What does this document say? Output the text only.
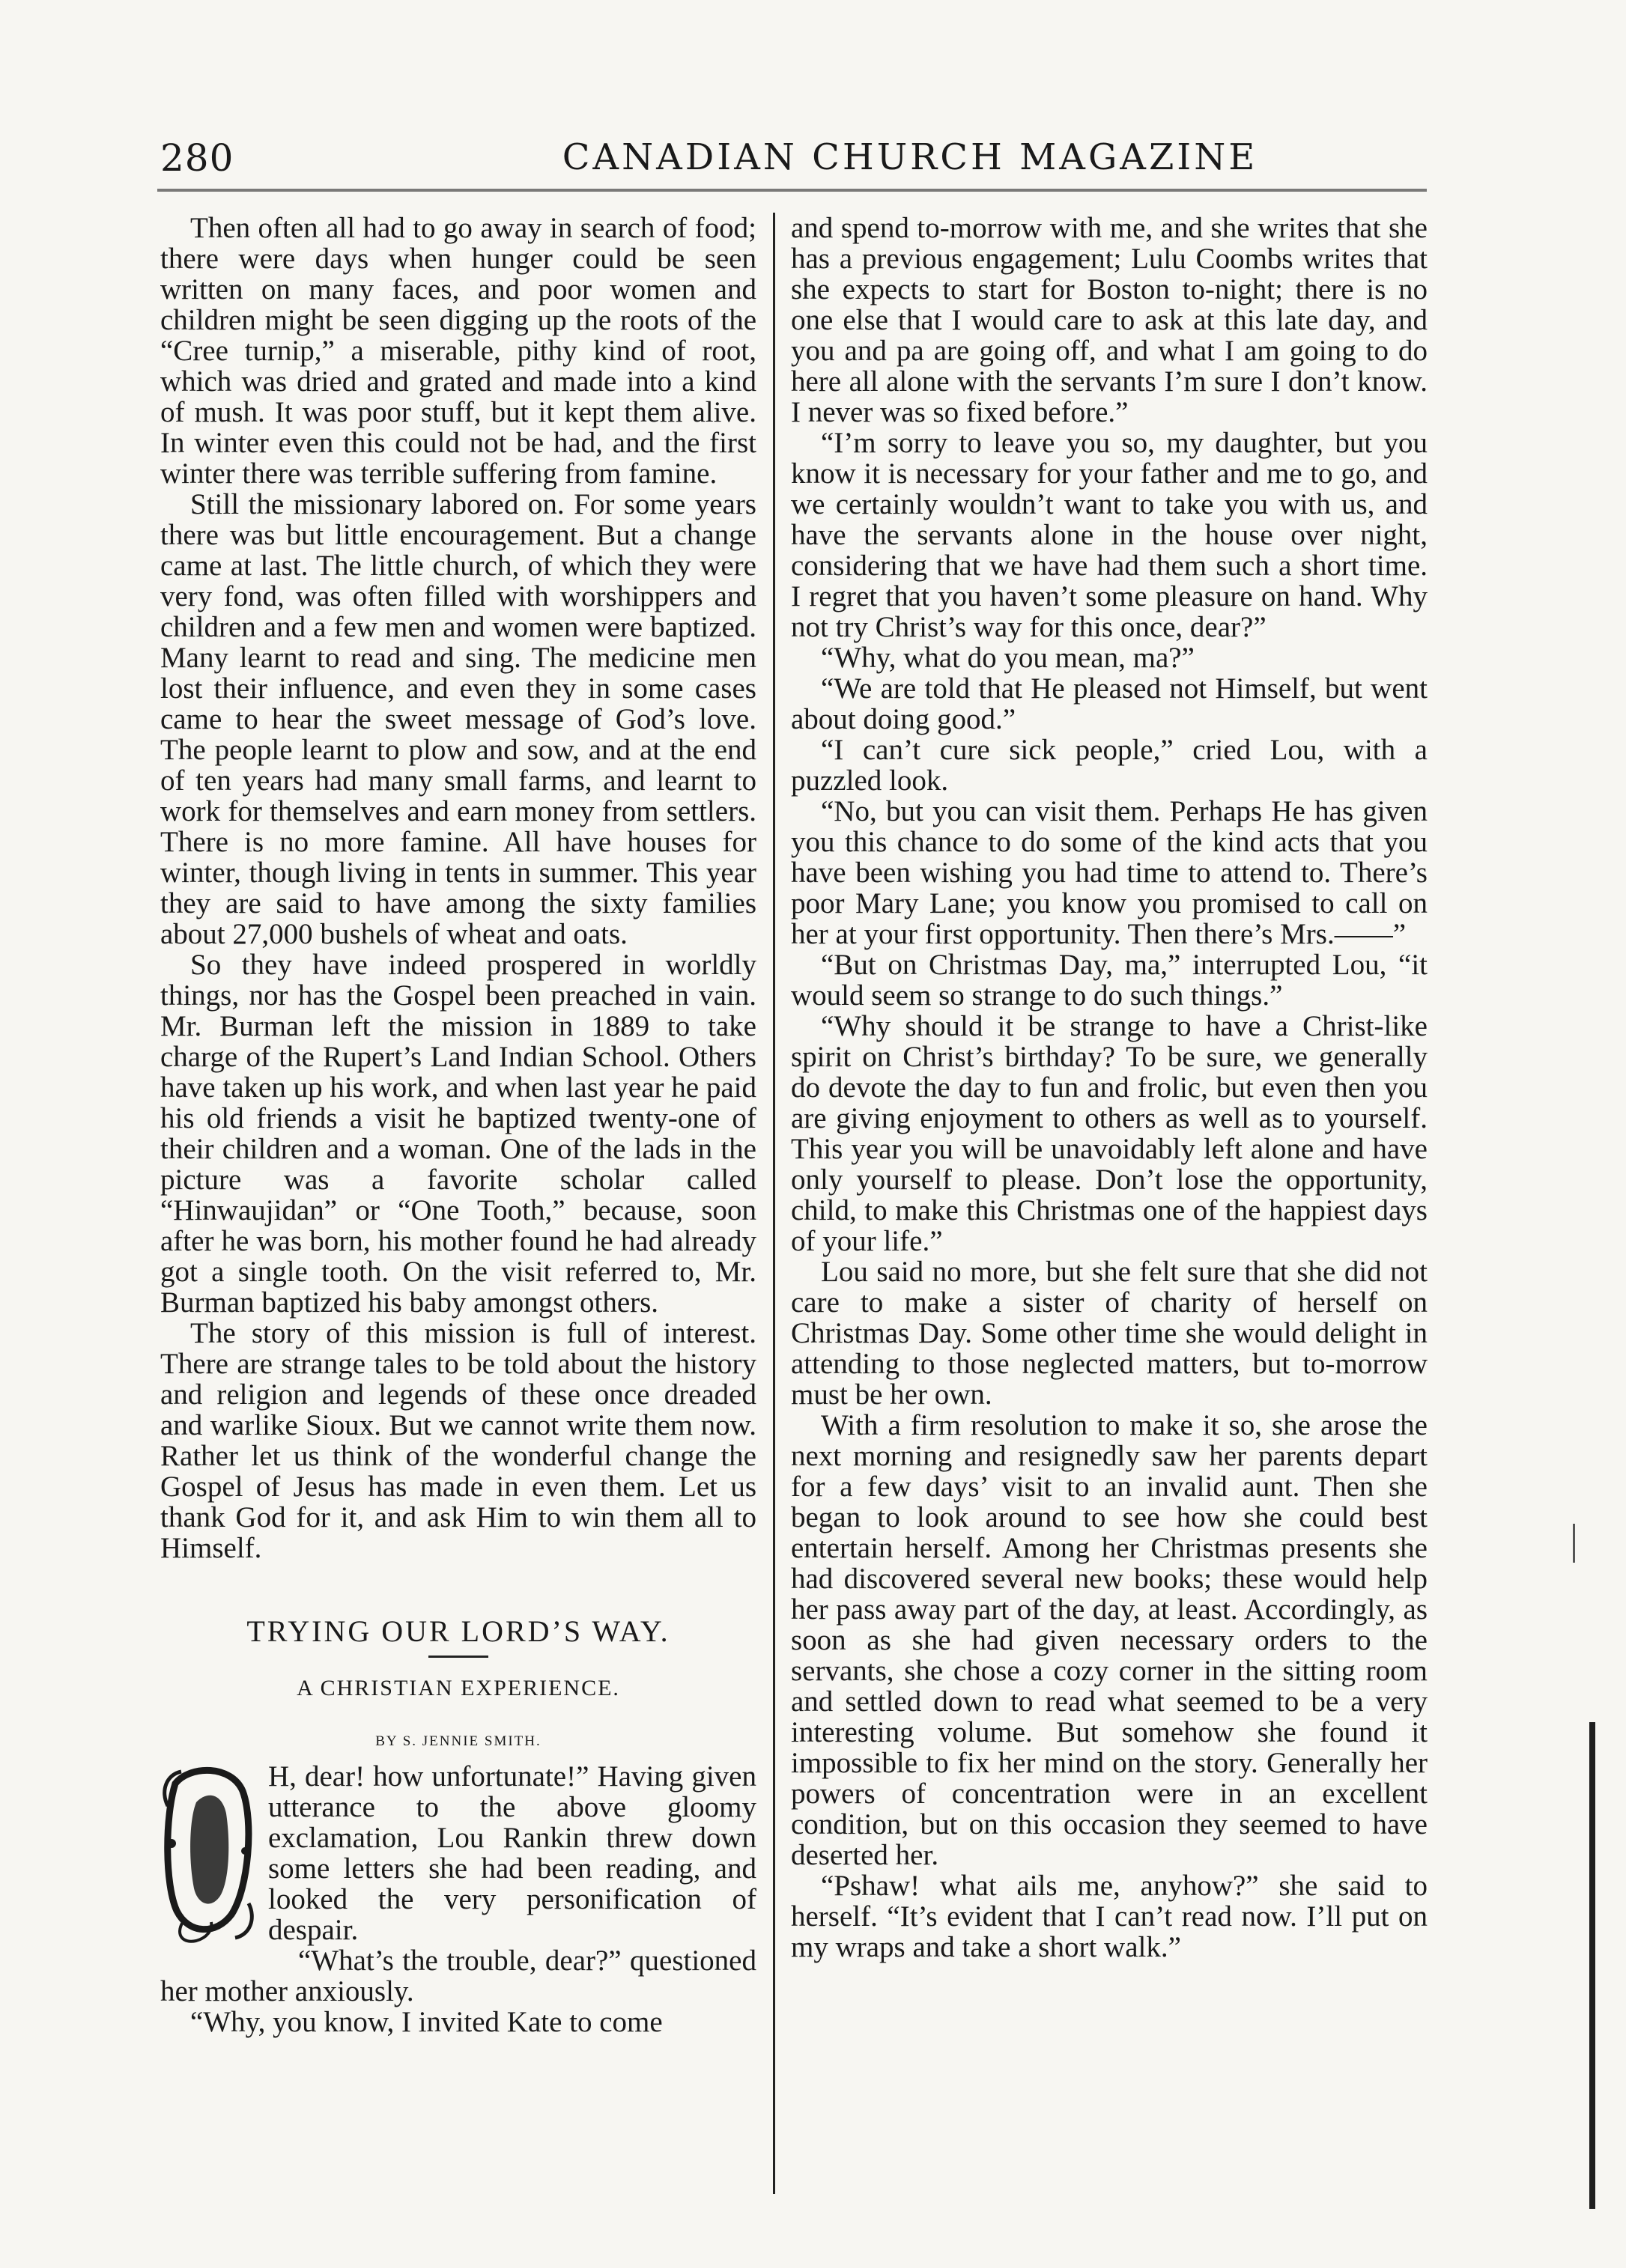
280	CANADIAN CHURCH MAGAZINE

Then often all had to go away in search of food; there were days when hunger could be seen written on many faces, and poor women and children might be seen digging up the roots of the “Cree turnip,” a miserable, pithy kind of root, which was dried and grated and made into a kind of mush. It was poor stuff, but it kept them alive. In winter even this could not be had, and the first winter there was terrible suffering from famine.

Still the missionary labored on. For some years there was but little encouragement. But a change came at last. The little church, of which they were very fond, was often filled with worshippers and children and a few men and women were baptized. Many learnt to read and sing. The medicine men lost their influence, and even they in some cases came to hear the sweet message of God’s love. The people learnt to plow and sow, and at the end of ten years had many small farms, and learnt to work for themselves and earn money from settlers. There is no more famine. All have houses for winter, though living in tents in summer. This year they are said to have among the sixty families about 27,000 bushels of wheat and oats.

So they have indeed prospered in worldly things, nor has the Gospel been preached in vain. Mr. Burman left the mission in 1889 to take charge of the Rupert’s Land Indian School. Others have taken up his work, and when last year he paid his old friends a visit he baptized twenty-one of their children and a woman. One of the lads in the picture was a favorite scholar called “Hinwaujidan” or “One Tooth,” because, soon after he was born, his mother found he had already got a single tooth. On the visit referred to, Mr. Burman baptized his baby amongst others.

The story of this mission is full of interest. There are strange tales to be told about the history and religion and legends of these once dreaded and warlike Sioux. But we cannot write them now. Rather let us think of the wonderful change the Gospel of Jesus has made in even them. Let us thank God for it, and ask Him to win them all to Himself.

TRYING OUR LORD’S WAY.
A CHRISTIAN EXPERIENCE.
BY S. JENNIE SMITH.

H, dear! how unfortunate!” Having given utterance to the above gloomy exclamation, Lou Rankin threw down some letters she had been reading, and looked the very personification of despair.

“What’s the trouble, dear?” questioned her mother anxiously.

“Why, you know, I invited Kate to come

and spend to-morrow with me, and she writes that she has a previous engagement; Lulu Coombs writes that she expects to start for Boston to-night; there is no one else that I would care to ask at this late day, and you and pa are going off, and what I am going to do here all alone with the servants I’m sure I don’t know. I never was so fixed before.”

“I’m sorry to leave you so, my daughter, but you know it is necessary for your father and me to go, and we certainly wouldn’t want to take you with us, and have the servants alone in the house over night, considering that we have had them such a short time. I regret that you haven’t some pleasure on hand. Why not try Christ’s way for this once, dear?”

“Why, what do you mean, ma?”

“We are told that He pleased not Himself, but went about doing good.”

“I can’t cure sick people,” cried Lou, with a puzzled look.

“No, but you can visit them. Perhaps He has given you this chance to do some of the kind acts that you have been wishing you had time to attend to. There’s poor Mary Lane; you know you promised to call on her at your first opportunity. Then there’s Mrs.——”

“But on Christmas Day, ma,” interrupted Lou, “it would seem so strange to do such things.”

“Why should it be strange to have a Christ-like spirit on Christ’s birthday? To be sure, we generally do devote the day to fun and frolic, but even then you are giving enjoyment to others as well as to yourself. This year you will be unavoidably left alone and have only yourself to please. Don’t lose the opportunity, child, to make this Christmas one of the happiest days of your life.”

Lou said no more, but she felt sure that she did not care to make a sister of charity of herself on Christmas Day. Some other time she would delight in attending to those neglected matters, but to-morrow must be her own.

With a firm resolution to make it so, she arose the next morning and resignedly saw her parents depart for a few days’ visit to an invalid aunt. Then she began to look around to see how she could best entertain herself. Among her Christmas presents she had discovered several new books; these would help her pass away part of the day, at least. Accordingly, as soon as she had given necessary orders to the servants, she chose a cozy corner in the sitting room and settled down to read what seemed to be a very interesting volume. But somehow she found it impossible to fix her mind on the story. Generally her powers of concentration were in an excellent condition, but on this occasion they seemed to have deserted her.

“Pshaw! what ails me, anyhow?” she said to herself. “It’s evident that I can’t read now. I’ll put on my wraps and take a short walk.”
